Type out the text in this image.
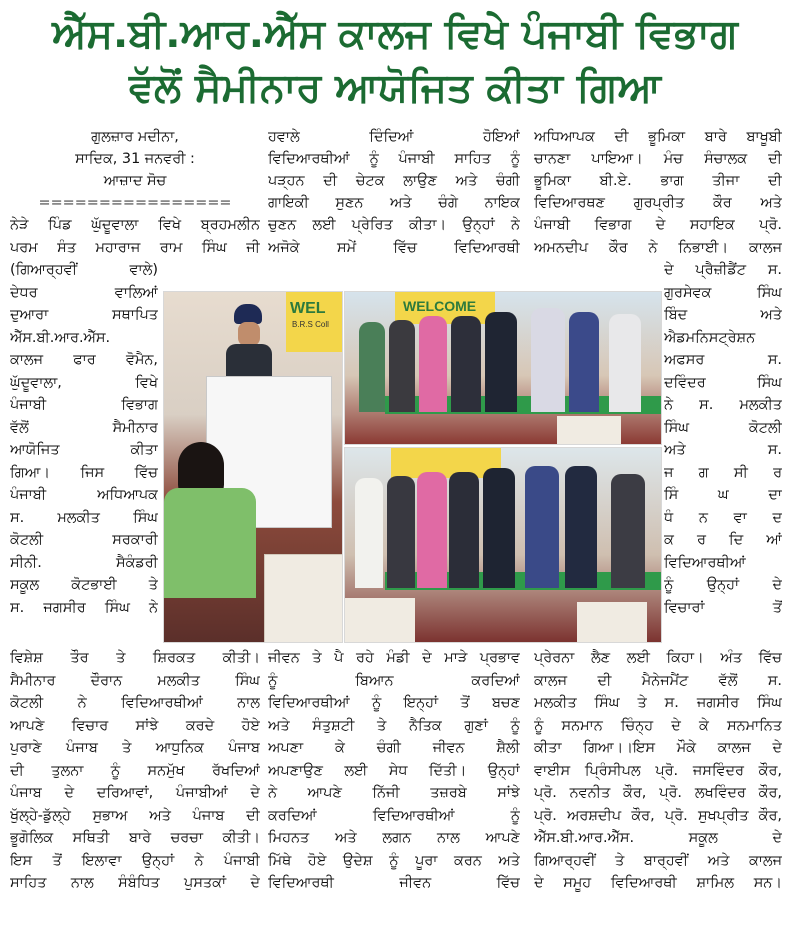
ਐੱਸ.ਬੀ.ਆਰ.ਐੱਸ ਕਾਲਜ ਵਿਖੇ ਪੰਜਾਬੀ ਵਿਭਾਗ
ਵੱਲੋਂ ਸੈਮੀਨਾਰ ਆਯੋਜਿਤ ਕੀਤਾ ਗਿਆ
ਗੁਲਜ਼ਾਰ ਮਦੀਨਾ,
ਸਾਦਿਕ, 31 ਜਨਵਰੀ :
ਆਜ਼ਾਦ ਸੋਚ
================
ਨੇੜੇ ਪਿੰਡ ਘੁੱਦੂਵਾਲਾ ਵਿਖੇ ਬ੍ਰਹਮਲੀਨ
ਪਰਮ ਸੰਤ ਮਹਾਰਾਜ ਰਾਮ ਸਿੰਘ ਜੀ
(ਗਿਆਰ੍ਹਵੀਂ ਵਾਲੇ)
ਦੇਧਰ ਵਾਲਿਆਂ
ਦੁਆਰਾ ਸਥਾਪਿਤ
ਐੱਸ.ਬੀ.ਆਰ.ਐੱਸ.
ਕਾਲਜ ਫਾਰ ਵੋਮੈਨ,
ਘੁੱਦੂਵਾਲਾ, ਵਿਖੇ
ਪੰਜਾਬੀ ਵਿਭਾਗ
ਵੱਲੋਂ ਸੈਮੀਨਾਰ
ਆਯੋਜਿਤ ਕੀਤਾ
ਗਿਆ। ਜਿਸ ਵਿੱਚ
ਪੰਜਾਬੀ ਅਧਿਆਪਕ
ਸ. ਮਲਕੀਤ ਸਿੰਘ
ਕੋਟਲੀ ਸਰਕਾਰੀ
ਸੀਨੀ. ਸੈਕੰਡਰੀ
ਸਕੂਲ ਕੋਟਭਾਈ ਤੇ
ਸ. ਜਗਸੀਰ ਸਿੰਘ ਨੇ
ਵਿਸ਼ੇਸ਼ ਤੌਰ ਤੇ ਸ਼ਿਰਕਤ ਕੀਤੀ।
ਸੈਮੀਨਾਰ ਦੌਰਾਨ ਮਲਕੀਤ ਸਿੰਘ
ਕੋਟਲੀ ਨੇ ਵਿਦਿਆਰਥੀਆਂ ਨਾਲ
ਆਪਣੇ ਵਿਚਾਰ ਸਾਂਝੇ ਕਰਦੇ ਹੋਏ
ਪੁਰਾਣੇ ਪੰਜਾਬ ਤੇ ਆਧੁਨਿਕ ਪੰਜਾਬ
ਦੀ ਤੁਲਨਾ ਨੂੰ ਸਨਮੁੱਖ ਰੱਖਦਿਆਂ
ਪੰਜਾਬ ਦੇ ਦਰਿਆਵਾਂ, ਪੰਜਾਬੀਆਂ ਦੇ
ਖੁੱਲ੍ਹੇ-ਡੁੱਲ੍ਹੇ ਸੁਭਾਅ ਅਤੇ ਪੰਜਾਬ ਦੀ
ਭੂਗੋਲਿਕ ਸਥਿਤੀ ਬਾਰੇ ਚਰਚਾ ਕੀਤੀ।
ਇਸ ਤੋਂ ਇਲਾਵਾ ਉਨ੍ਹਾਂ ਨੇ ਪੰਜਾਬੀ
ਸਾਹਿਤ ਨਾਲ ਸੰਬੰਧਿਤ ਪੁਸਤਕਾਂ ਦੇ
ਹਵਾਲੇ ਦਿੰਦਿਆਂ ਹੋਇਆਂ
ਵਿਦਿਆਰਥੀਆਂ ਨੂੰ ਪੰਜਾਬੀ ਸਾਹਿਤ ਨੂੰ
ਪੜ੍ਹਨ ਦੀ ਚੇਟਕ ਲਾਉਣ ਅਤੇ ਚੰਗੀ
ਗਾਇਕੀ ਸੁਣਨ ਅਤੇ ਚੰਗੇ ਨਾਇਕ
ਚੁਣਨ ਲਈ ਪ੍ਰੇਰਿਤ ਕੀਤਾ। ਉਨ੍ਹਾਂ ਨੇ
ਅਜੋਕੇ ਸਮੇਂ ਵਿੱਚ ਵਿਦਿਆਰਥੀ
ਜੀਵਨ ਤੇ ਪੈ ਰਹੇ ਮੰਡੀ ਦੇ ਮਾੜੇ ਪ੍ਰਭਾਵ
ਨੂੰ ਬਿਆਨ ਕਰਦਿਆਂ
ਵਿਦਿਆਰਥੀਆਂ ਨੂੰ ਇਨ੍ਹਾਂ ਤੋਂ ਬਚਣ
ਅਤੇ ਸੰਤੁਸ਼ਟੀ ਤੇ ਨੈਤਿਕ ਗੁਣਾਂ ਨੂੰ
ਅਪਣਾ ਕੇ ਚੰਗੀ ਜੀਵਨ ਸ਼ੈਲੀ
ਅਪਣਾਉਣ ਲਈ ਸੇਧ ਦਿੱਤੀ। ਉਨ੍ਹਾਂ
ਨੇ ਆਪਣੇ ਨਿੱਜੀ ਤਜ਼ਰਬੇ ਸਾਂਝੇ
ਕਰਦਿਆਂ ਵਿਦਿਆਰਥੀਆਂ ਨੂੰ
ਮਿਹਨਤ ਅਤੇ ਲਗਨ ਨਾਲ ਆਪਣੇ
ਮਿੱਥੇ ਹੋਏ ਉਦੇਸ਼ ਨੂੰ ਪੂਰਾ ਕਰਨ ਅਤੇ
ਵਿਦਿਆਰਥੀ ਜੀਵਨ ਵਿੱਚ
ਅਧਿਆਪਕ ਦੀ ਭੂਮਿਕਾ ਬਾਰੇ ਬਾਖੂਬੀ
ਚਾਨਣਾ ਪਾਇਆ। ਮੰਚ ਸੰਚਾਲਕ ਦੀ
ਭੂਮਿਕਾ ਬੀ.ਏ. ਭਾਗ ਤੀਜਾ ਦੀ
ਵਿਦਿਆਰਥਣ ਗੁਰਪ੍ਰੀਤ ਕੌਰ ਅਤੇ
ਪੰਜਾਬੀ ਵਿਭਾਗ ਦੇ ਸਹਾਇਕ ਪ੍ਰੋ.
ਅਮਨਦੀਪ ਕੌਰ ਨੇ ਨਿਭਾਈ। ਕਾਲਜ
ਦੇ ਪ੍ਰੈਜ਼ੀਡੈਂਟ ਸ.
ਗੁਰਸੇਵਕ ਸਿੰਘ
ਬਿੰਦ ਅਤੇ
ਐਡਮਨਿਸਟ੍ਰੇਸ਼ਨ
ਅਫਸਰ ਸ.
ਦਵਿੰਦਰ ਸਿੰਘ
ਨੇ ਸ. ਮਲਕੀਤ
ਸਿੰਘ ਕੋਟਲੀ
ਅਤੇ ਸ.
ਜ ਗ ਸੀ ਰ
ਸਿੰ ਘ ਦਾ
ਧੰ ਨ ਵਾ ਦ
ਕ ਰ ਦਿ ਆਂ
ਵਿਦਿਆਰਥੀਆਂ
ਨੂੰ ਉਨ੍ਹਾਂ ਦੇ
ਵਿਚਾਰਾਂ ਤੋਂ
ਪ੍ਰੇਰਨਾ ਲੈਣ ਲਈ ਕਿਹਾ। ਅੰਤ ਵਿੱਚ
ਕਾਲਜ ਦੀ ਮੈਨੇਜਮੈਂਟ ਵੱਲੋਂ ਸ.
ਮਲਕੀਤ ਸਿੰਘ ਤੇ ਸ. ਜਗਸੀਰ ਸਿੰਘ
ਨੂੰ ਸਨਮਾਨ ਚਿੰਨ੍ਹ ਦੇ ਕੇ ਸਨਮਾਨਿਤ
ਕੀਤਾ ਗਿਆ।।ਇਸ ਮੌਕੇ ਕਾਲਜ ਦੇ
ਵਾਈਸ ਪ੍ਰਿੰਸੀਪਲ ਪ੍ਰੋ. ਜਸਵਿੰਦਰ ਕੌਰ,
ਪ੍ਰੋ. ਨਵਨੀਤ ਕੌਰ, ਪ੍ਰੋ. ਲਖਵਿੰਦਰ ਕੌਰ,
ਪ੍ਰੋ. ਅਰਸ਼ਦੀਪ ਕੌਰ, ਪ੍ਰੋ. ਸੁਖਪ੍ਰੀਤ ਕੌਰ,
ਐੱਸ.ਬੀ.ਆਰ.ਐੱਸ. ਸਕੂਲ ਦੇ
ਗਿਆਰ੍ਹਵੀਂ ਤੇ ਬਾਰ੍ਹਵੀਂ ਅਤੇ ਕਾਲਜ
ਦੇ ਸਮੂਹ ਵਿਦਿਆਰਥੀ ਸ਼ਾਮਿਲ ਸਨ।
WEL
B.R.S Coll
WELCOME
